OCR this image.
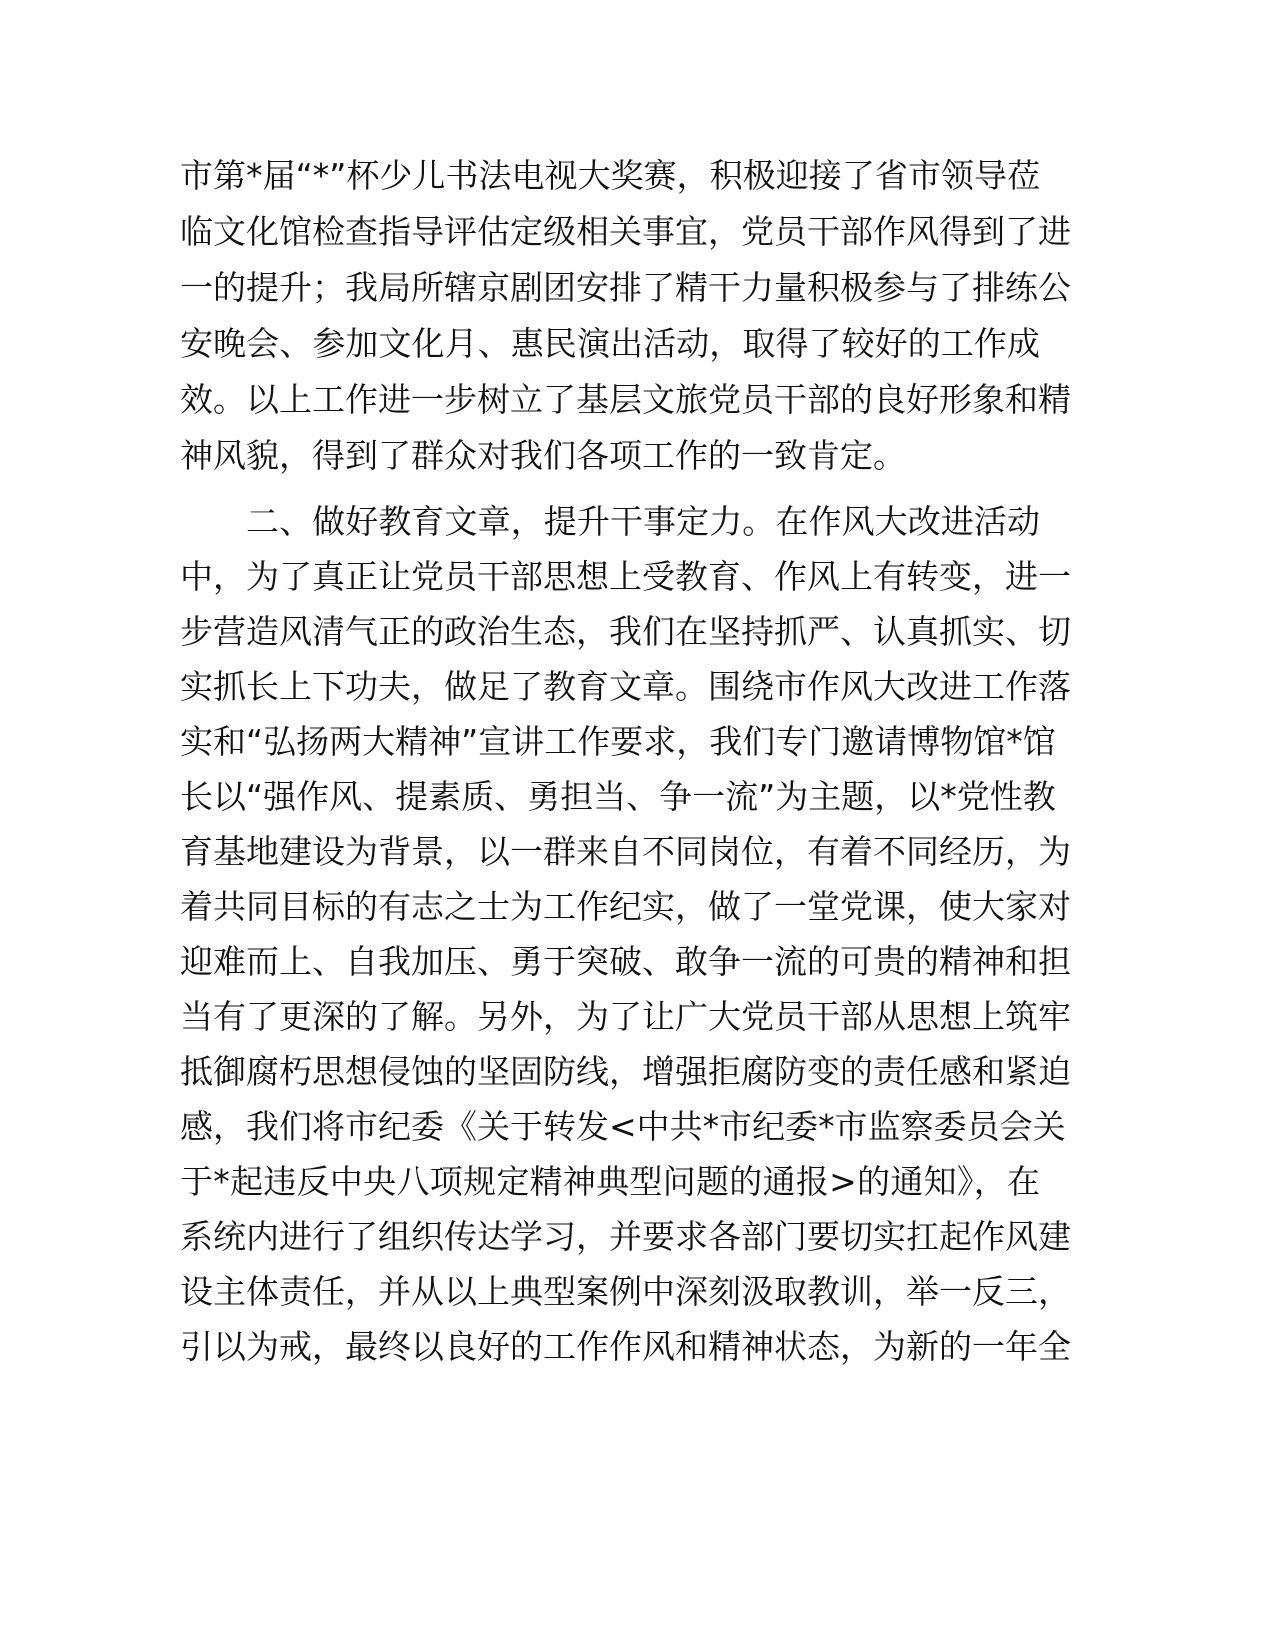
市第*届“*”杯少儿书法电视大奖赛，积极迎接了省市领导莅
临文化馆检查指导评估定级相关事宜，党员干部作风得到了进
一的提升；我局所辖京剧团安排了精干力量积极参与了排练公
安晚会、参加文化月、惠民演出活动，取得了较好的工作成
效。以上工作进一步树立了基层文旅党员干部的良好形象和精
神风貌，得到了群众对我们各项工作的一致肯定。
二、做好教育文章，提升干事定力。在作风大改进活动
中，为了真正让党员干部思想上受教育、作风上有转变，进一
步营造风清气正的政治生态，我们在坚持抓严、认真抓实、切
实抓长上下功夫，做足了教育文章。围绕市作风大改进工作落
实和“弘扬两大精神”宣讲工作要求，我们专门邀请博物馆*馆
长以“强作风、提素质、勇担当、争一流”为主题，以*党性教
育基地建设为背景，以一群来自不同岗位，有着不同经历，为
着共同目标的有志之士为工作纪实，做了一堂党课，使大家对
迎难而上、自我加压、勇于突破、敢争一流的可贵的精神和担
当有了更深的了解。另外，为了让广大党员干部从思想上筑牢
抵御腐朽思想侵蚀的坚固防线，增强拒腐防变的责任感和紧迫
感，我们将市纪委《关于转发<中共*市纪委*市监察委员会关
于*起违反中央八项规定精神典型问题的通报>的通知》，在
系统内进行了组织传达学习，并要求各部门要切实扛起作风建
设主体责任，并从以上典型案例中深刻汲取教训，举一反三，
引以为戒，最终以良好的工作作风和精神状态，为新的一年全
